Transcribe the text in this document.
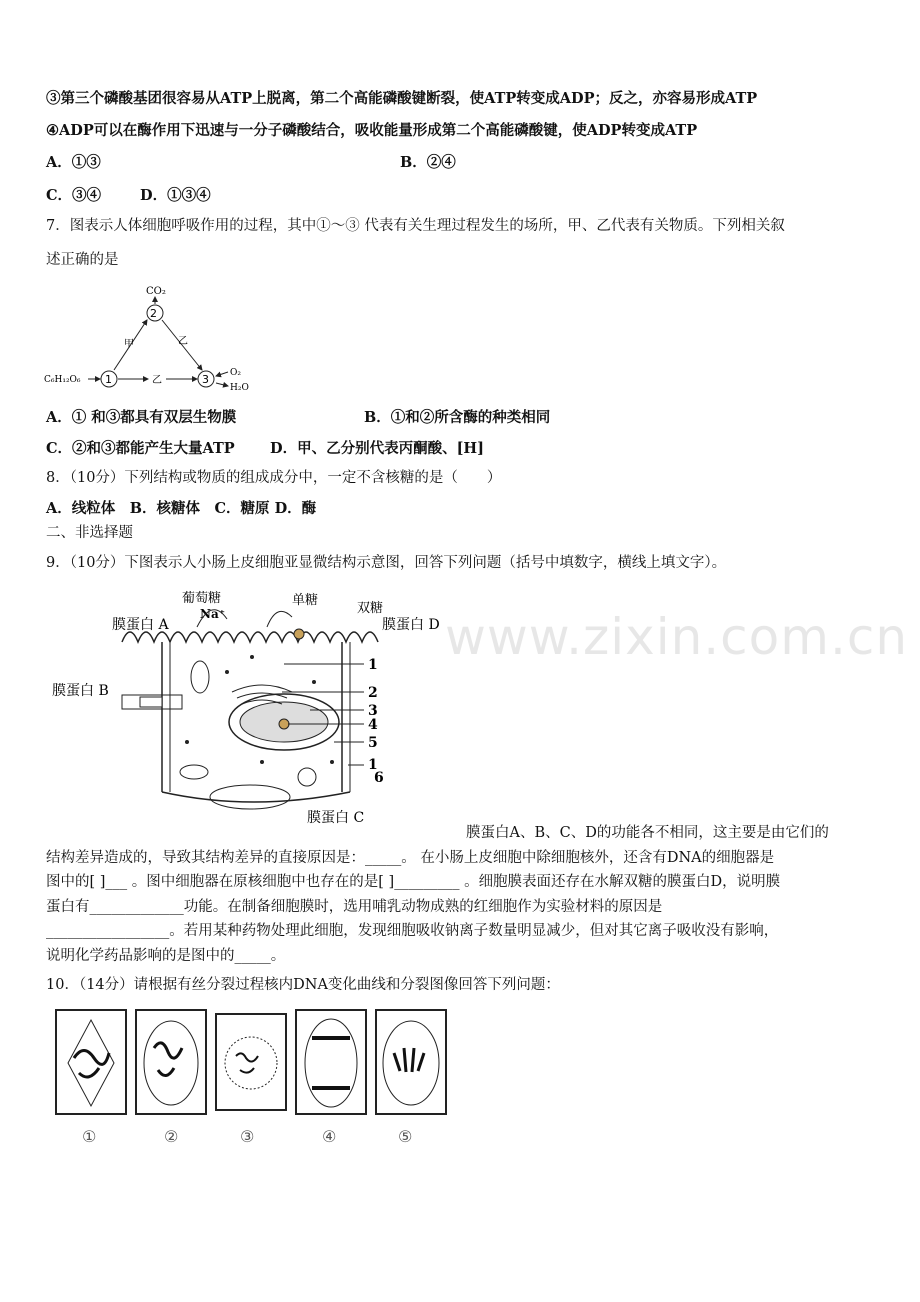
③第三个磷酸基团很容易从ATP上脱离，第二个高能磷酸键断裂，使ATP转变成ADP；反之，亦容易形成ATP
④ADP可以在酶作用下迅速与一分子磷酸结合，吸收能量形成第二个高能磷酸键，使ADP转变成ATP
A．①③	B．②④
C．③④	D．①③④
7．图表示人体细胞呼吸作用的过程，其中①～③ 代表有关生理过程发生的场所，甲、乙代表有关物质。下列相关叙
述正确的是
CO₂
2
甲	乙
C₆H₁₂O₆ 1	乙	3 O₂
H₂O
A．① 和③都具有双层生物膜	B．①和②所含酶的种类相同
C．②和③都能产生大量ATP D．甲、乙分别代表丙酮酸、[H]
8．（10分）下列结构或物质的组成成分中，一定不含核糖的是（　　）
A．线粒体　B．核糖体　C．糖原 D．酶
二、非选择题
9．（10分）下图表示人小肠上皮细胞亚显微结构示意图，回答下列问题（括号中填数字，横线上填文字）。
葡萄糖
Na⁺
单糖
双糖
膜蛋白 A	膜蛋白 D
膜蛋白 B
膜蛋白 C
1
2
3
4
5
1
6
www.zixin.com.cn
膜蛋白A、B、C、D的功能各不相同，这主要是由它们的
结构差异造成的，导致其结构差异的直接原因是：_____。 在小肠上皮细胞中除细胞核外，还含有DNA的细胞器是
图中的[ ]___ 。图中细胞器在原核细胞中也存在的是[ ]_________ 。细胞膜表面还存在水解双糖的膜蛋白D，说明膜
蛋白有_____________功能。在制备细胞膜时，选用哺乳动物成熟的红细胞作为实验材料的原因是
_________________。若用某种药物处理此细胞，发现细胞吸收钠离子数量明显减少，但对其它离子吸收没有影响，
说明化学药品影响的是图中的_____。
10．（14分）请根据有丝分裂过程核内DNA变化曲线和分裂图像回答下列问题：
①	②	③	④	⑤
